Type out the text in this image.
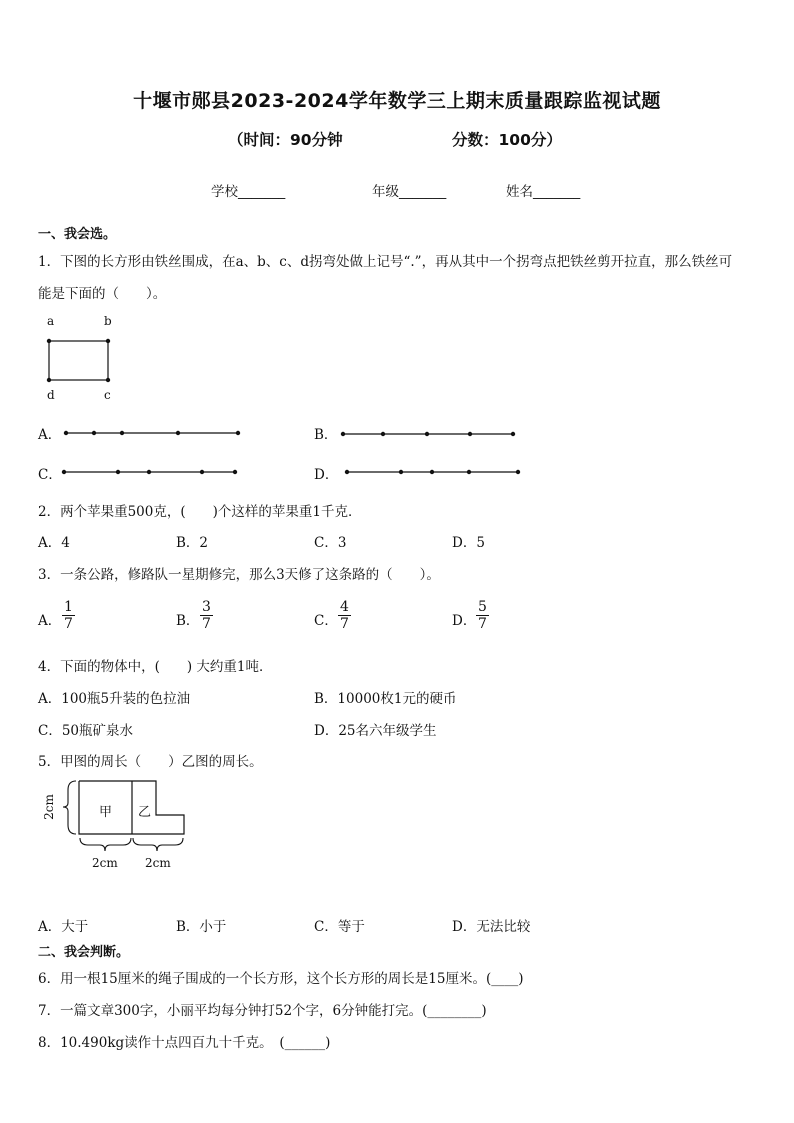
十堰市郧县2023-2024学年数学三上期末质量跟踪监视试题
（时间：90分钟	分数：100分）
学校_______	年级_______	姓名_______
一、我会选。
1．下图的长方形由铁丝围成，在a、b、c、d拐弯处做上记号“.”，再从其中一个拐弯点把铁丝剪开拉直，那么铁丝可
能是下面的（　　）。
a	b
d	c
A．	B．
C．	D．
2．两个苹果重500克，(　　)个这样的苹果重1千克．
A．4	B．2	C．3	D．5
3．一条公路，修路队一星期修完，那么3天修了这条路的（　　）。
A． $\frac{1}{7}$	B． $\frac{3}{7}$	C． $\frac{4}{7}$	D． $\frac{5}{7}$
4．下面的物体中，(　　) 大约重1吨．
A．100瓶5升装的色拉油	B．10000枚1元的硬币
C．50瓶矿泉水	D．25名六年级学生
5．甲图的周长（　　）乙图的周长。
甲 乙
2cm
2cm 2cm
A．大于	B．小于	C．等于	D．无法比较
二、我会判断。
6．用一根15厘米的绳子围成的一个长方形，这个长方形的周长是15厘米。(____)
7．一篇文章300字，小丽平均每分钟打52个字，6分钟能打完。(________)
8．10.490kg读作十点四百九十千克。　(______)
